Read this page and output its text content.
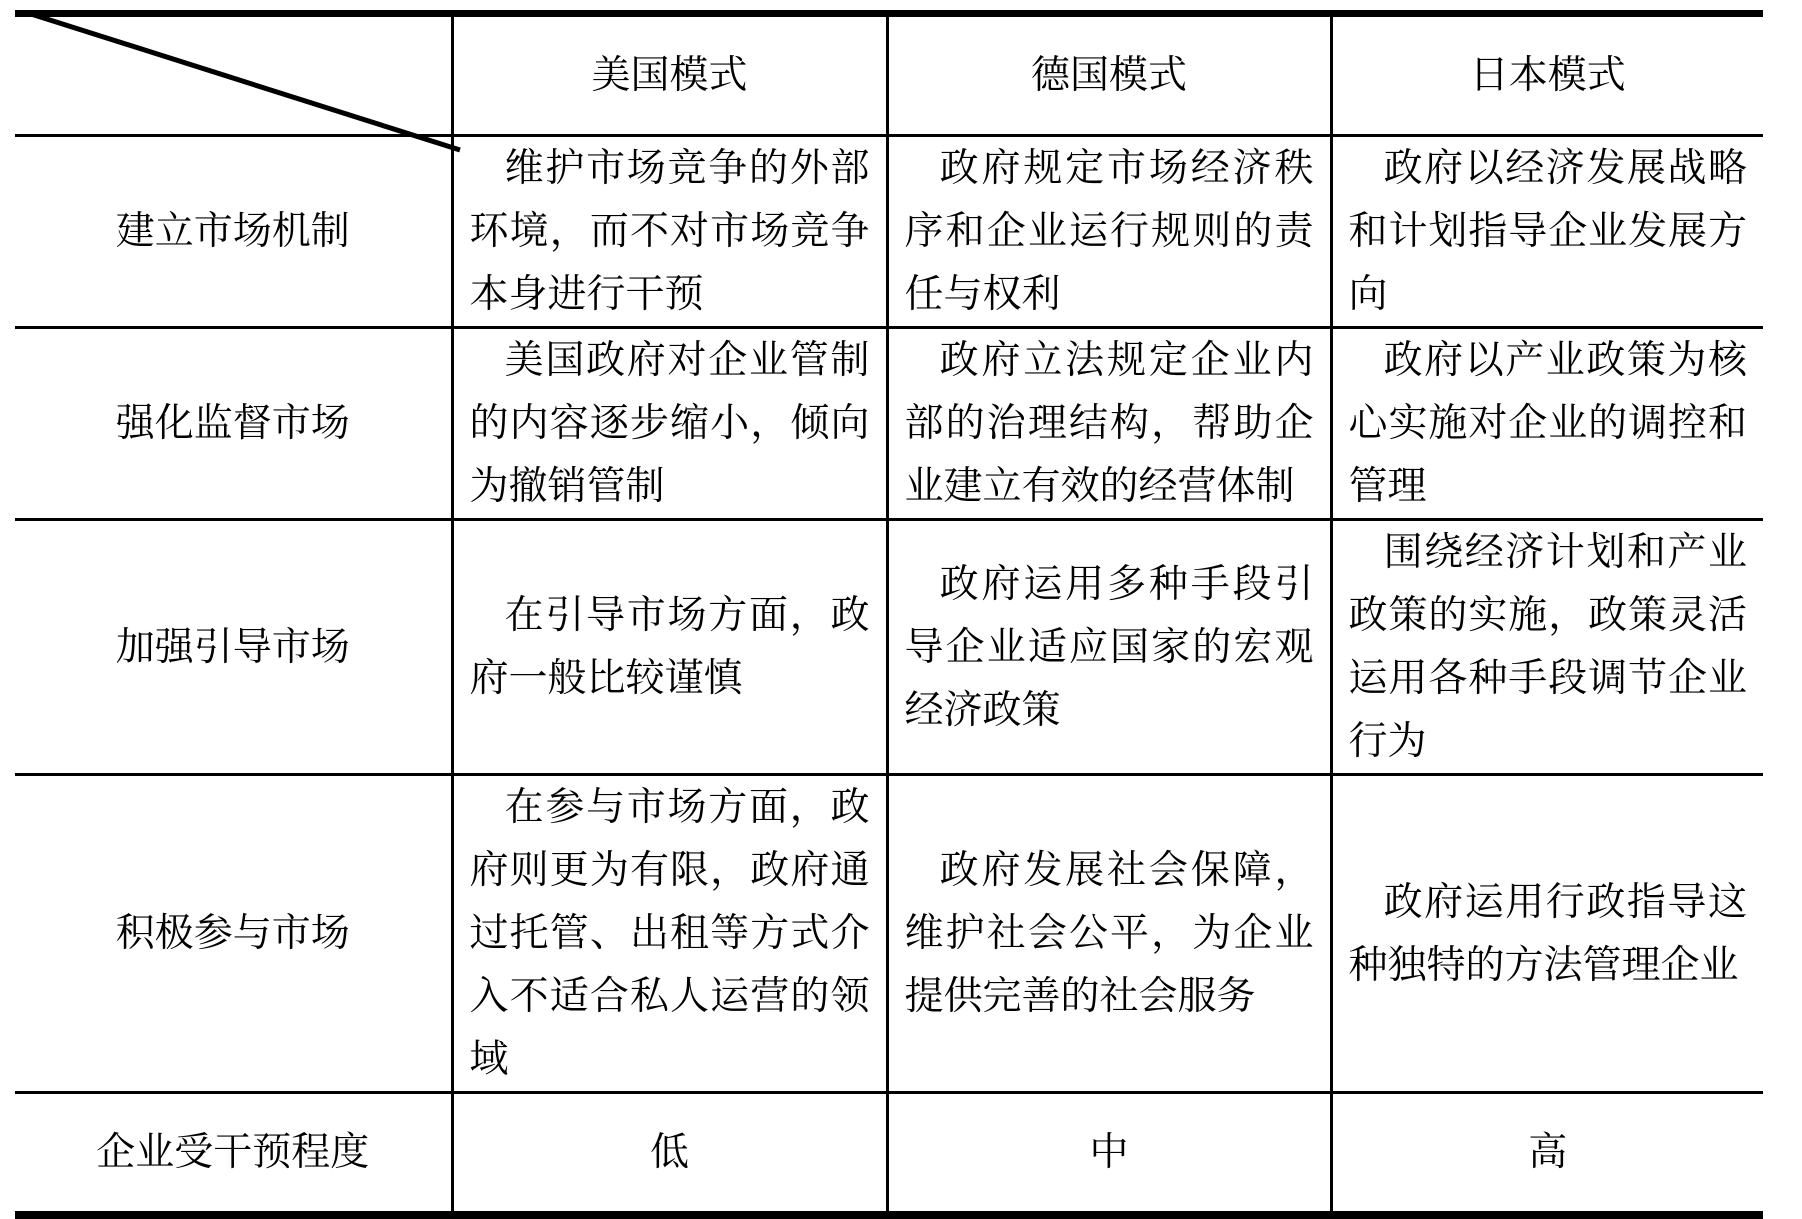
	美国模式	德国模式	日本模式
建立市场机制	维护市场竞争的外部环境，而不对市场竞争本身进行干预	政府规定市场经济秩序和企业运行规则的责任与权利	政府以经济发展战略和计划指导企业发展方向
强化监督市场	美国政府对企业管制的内容逐步缩小，倾向为撤销管制	政府立法规定企业内部的治理结构，帮助企业建立有效的经营体制	政府以产业政策为核心实施对企业的调控和管理
加强引导市场	在引导市场方面，政府一般比较谨慎	政府运用多种手段引导企业适应国家的宏观经济政策	围绕经济计划和产业政策的实施，政策灵活运用各种手段调节企业行为
积极参与市场	在参与市场方面，政府则更为有限，政府通过托管、出租等方式介入不适合私人运营的领域	政府发展社会保障，维护社会公平，为企业提供完善的社会服务	政府运用行政指导这种独特的方法管理企业
企业受干预程度	低	中	高
